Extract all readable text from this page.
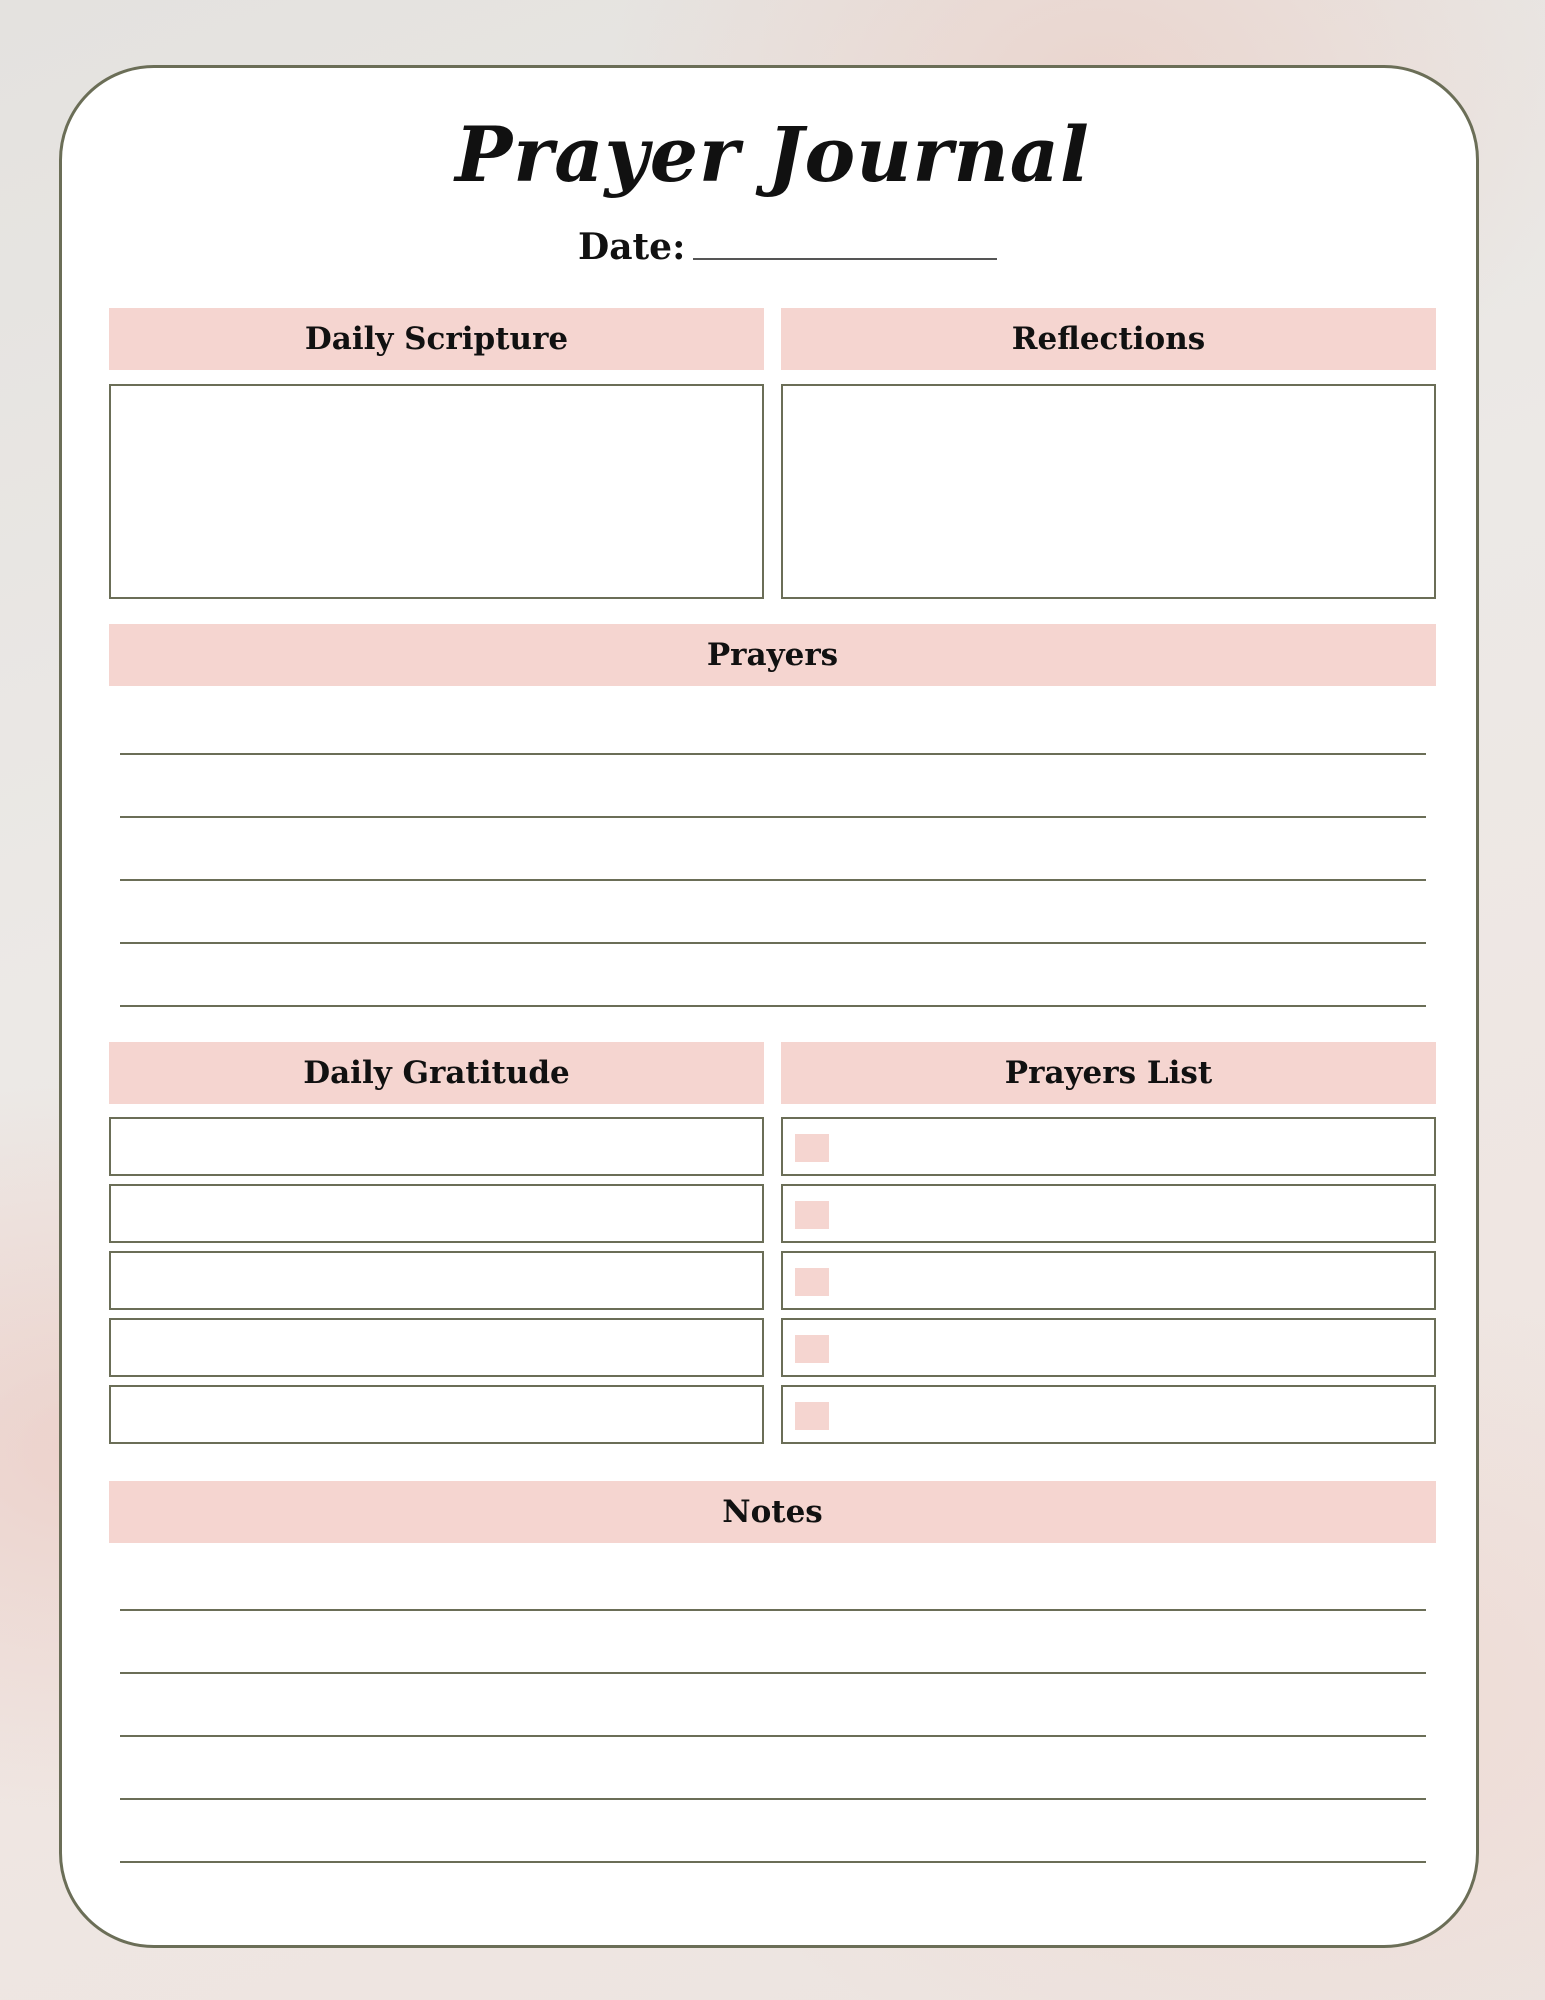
Prayer Journal
Date:
Daily Scripture	Reflections
Prayers
Daily Gratitude	Prayers List
Notes
